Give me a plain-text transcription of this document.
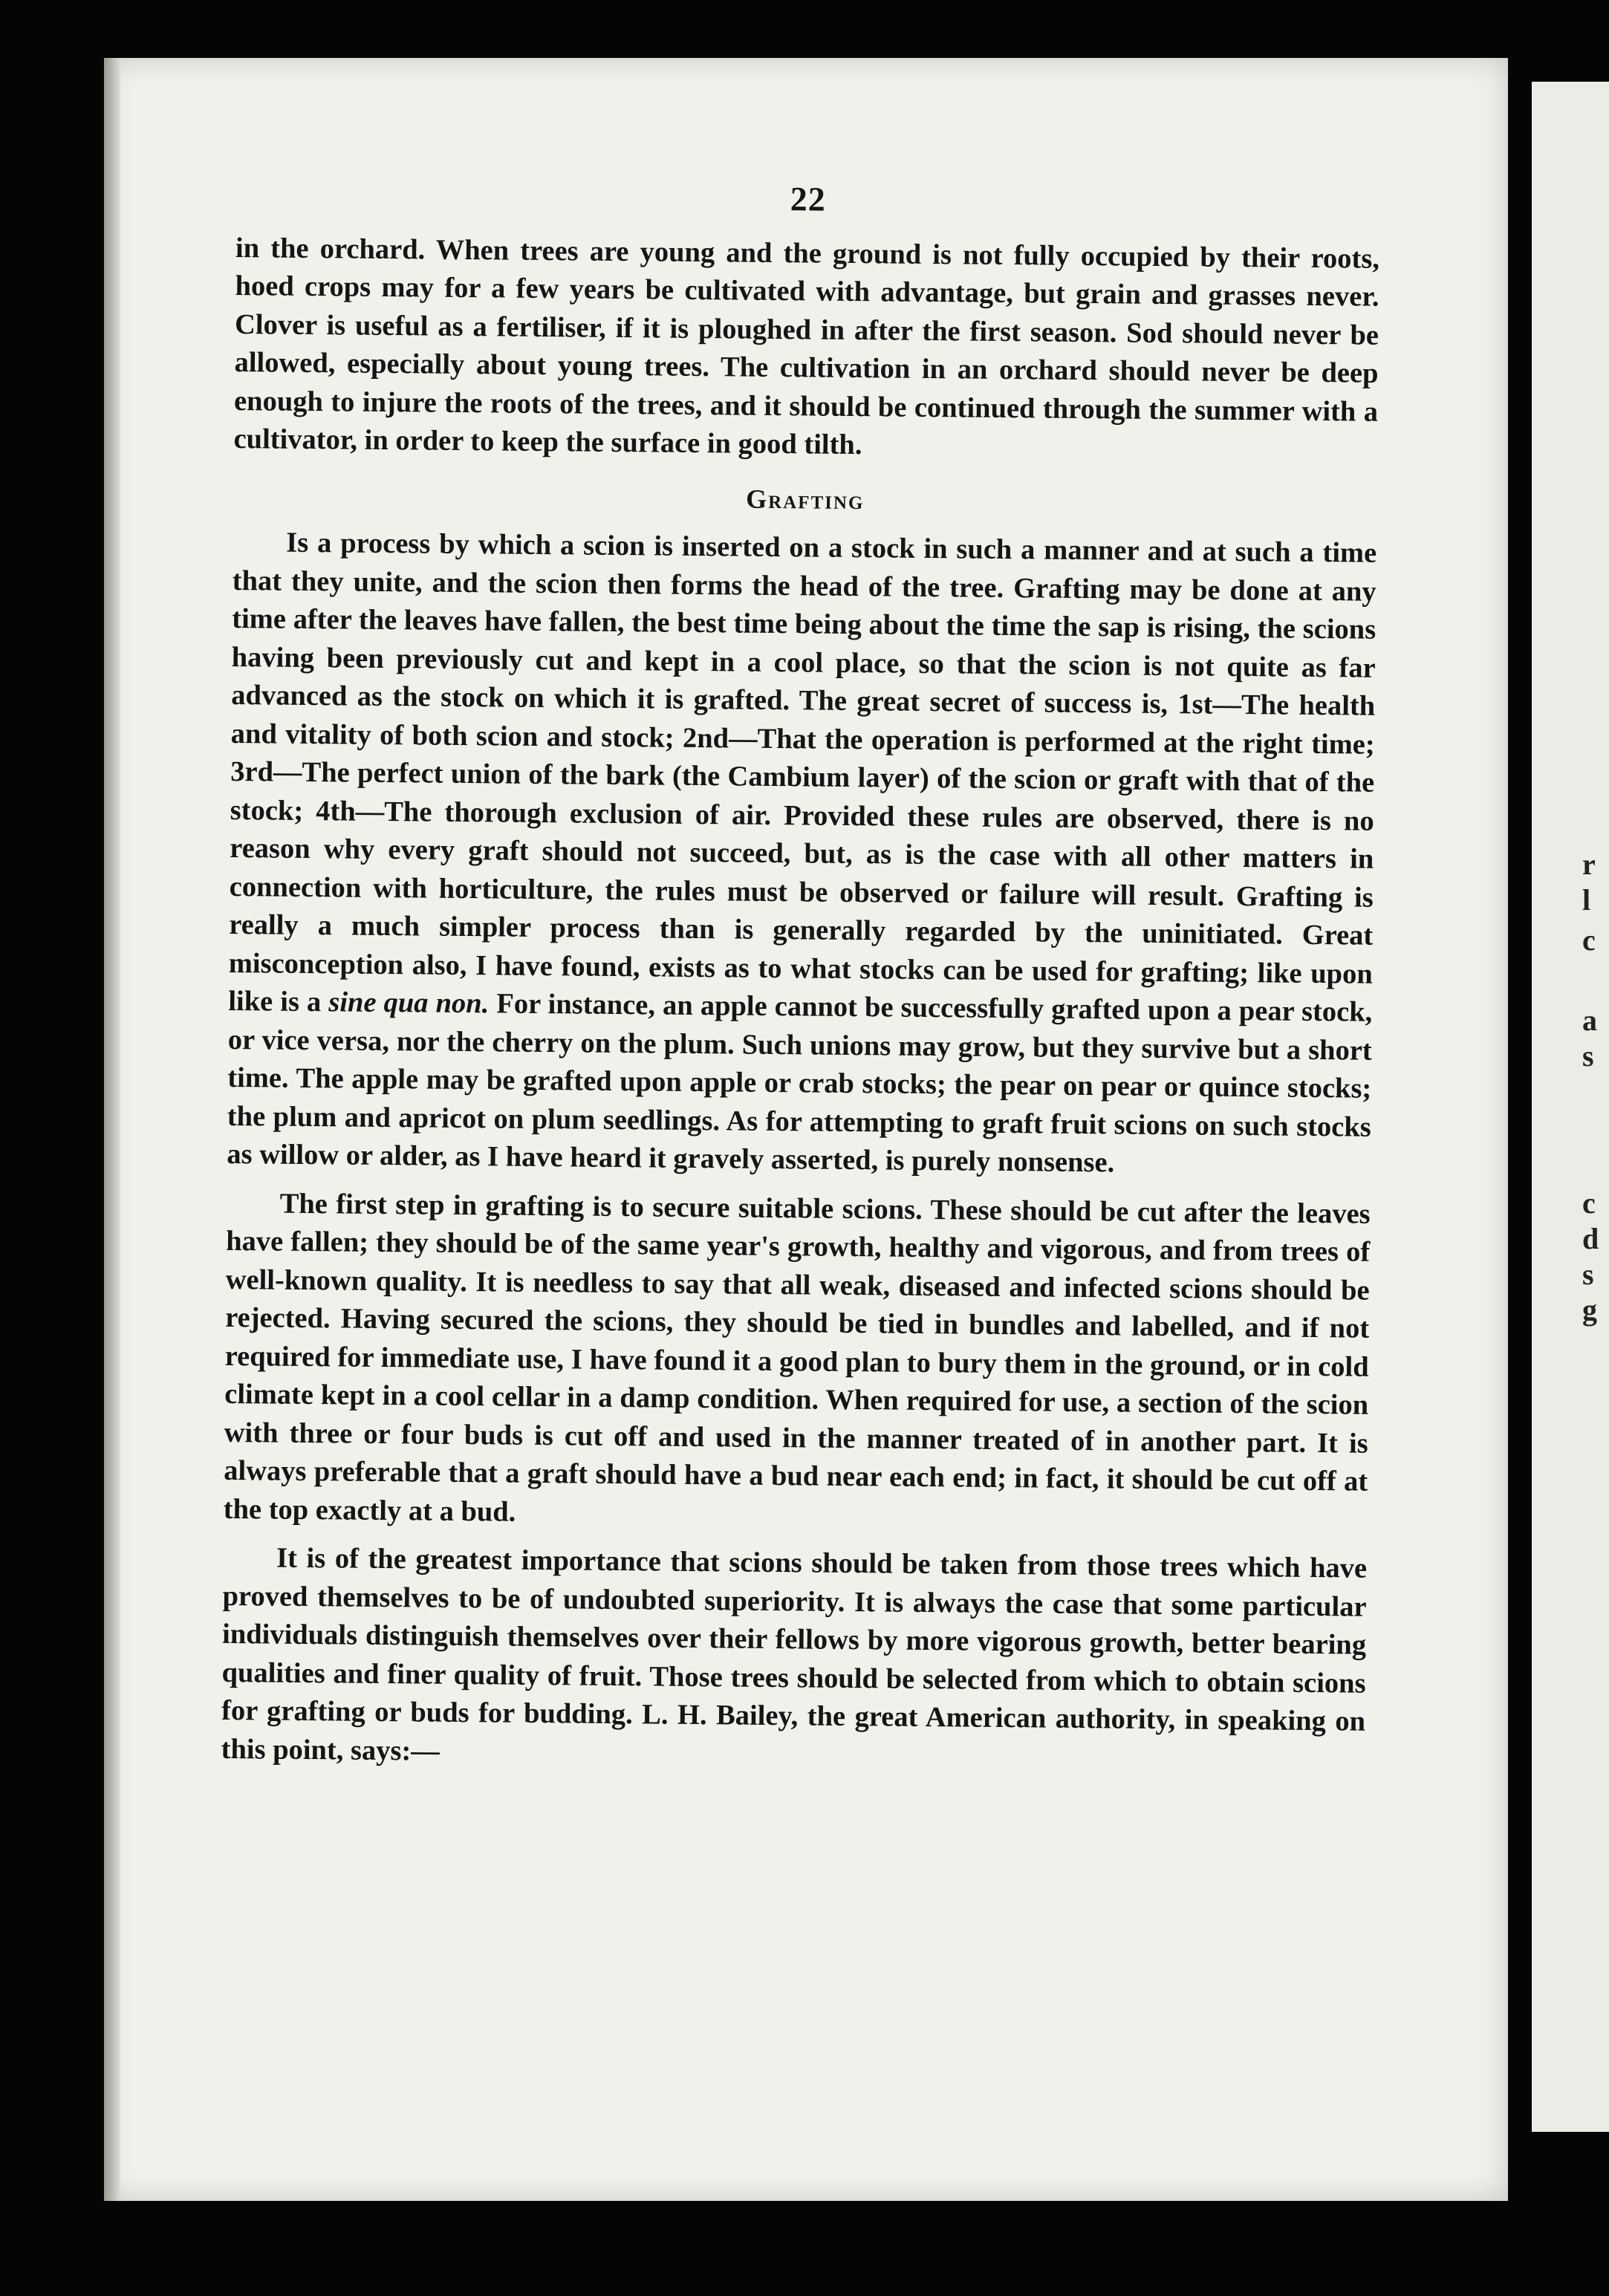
r
l
c
a
s
c
d
s
g
22

in the orchard. When trees are young and the ground is not fully occupied by their roots, hoed crops may for a few years be cultivated with advantage, but grain and grasses never. Clover is useful as a fertiliser, if it is ploughed in after the first season. Sod should never be allowed, especially about young trees. The cultivation in an orchard should never be deep enough to injure the roots of the trees, and it should be continued through the summer with a cultivator, in order to keep the surface in good tilth.

Grafting

Is a process by which a scion is inserted on a stock in such a manner and at such a time that they unite, and the scion then forms the head of the tree. Grafting may be done at any time after the leaves have fallen, the best time being about the time the sap is rising, the scions having been previously cut and kept in a cool place, so that the scion is not quite as far advanced as the stock on which it is grafted. The great secret of success is, 1st—The health and vitality of both scion and stock; 2nd—That the operation is performed at the right time; 3rd—The perfect union of the bark (the Cambium layer) of the scion or graft with that of the stock; 4th—The thorough exclusion of air. Provided these rules are observed, there is no reason why every graft should not succeed, but, as is the case with all other matters in connection with horticulture, the rules must be observed or failure will result. Grafting is really a much simpler process than is generally regarded by the uninitiated. Great misconception also, I have found, exists as to what stocks can be used for grafting; like upon like is a sine qua non. For instance, an apple cannot be successfully grafted upon a pear stock, or vice versa, nor the cherry on the plum. Such unions may grow, but they survive but a short time. The apple may be grafted upon apple or crab stocks; the pear on pear or quince stocks; the plum and apricot on plum seedlings. As for attempting to graft fruit scions on such stocks as willow or alder, as I have heard it gravely asserted, is purely nonsense.

The first step in grafting is to secure suitable scions. These should be cut after the leaves have fallen; they should be of the same year's growth, healthy and vigorous, and from trees of well-known quality. It is needless to say that all weak, diseased and infected scions should be rejected. Having secured the scions, they should be tied in bundles and labelled, and if not required for immediate use, I have found it a good plan to bury them in the ground, or in cold climate kept in a cool cellar in a damp condition. When required for use, a section of the scion with three or four buds is cut off and used in the manner treated of in another part. It is always preferable that a graft should have a bud near each end; in fact, it should be cut off at the top exactly at a bud.

It is of the greatest importance that scions should be taken from those trees which have proved themselves to be of undoubted superiority. It is always the case that some particular individuals distinguish themselves over their fellows by more vigorous growth, better bearing qualities and finer quality of fruit. Those trees should be selected from which to obtain scions for grafting or buds for budding. L. H. Bailey, the great American authority, in speaking on this point, says:—
